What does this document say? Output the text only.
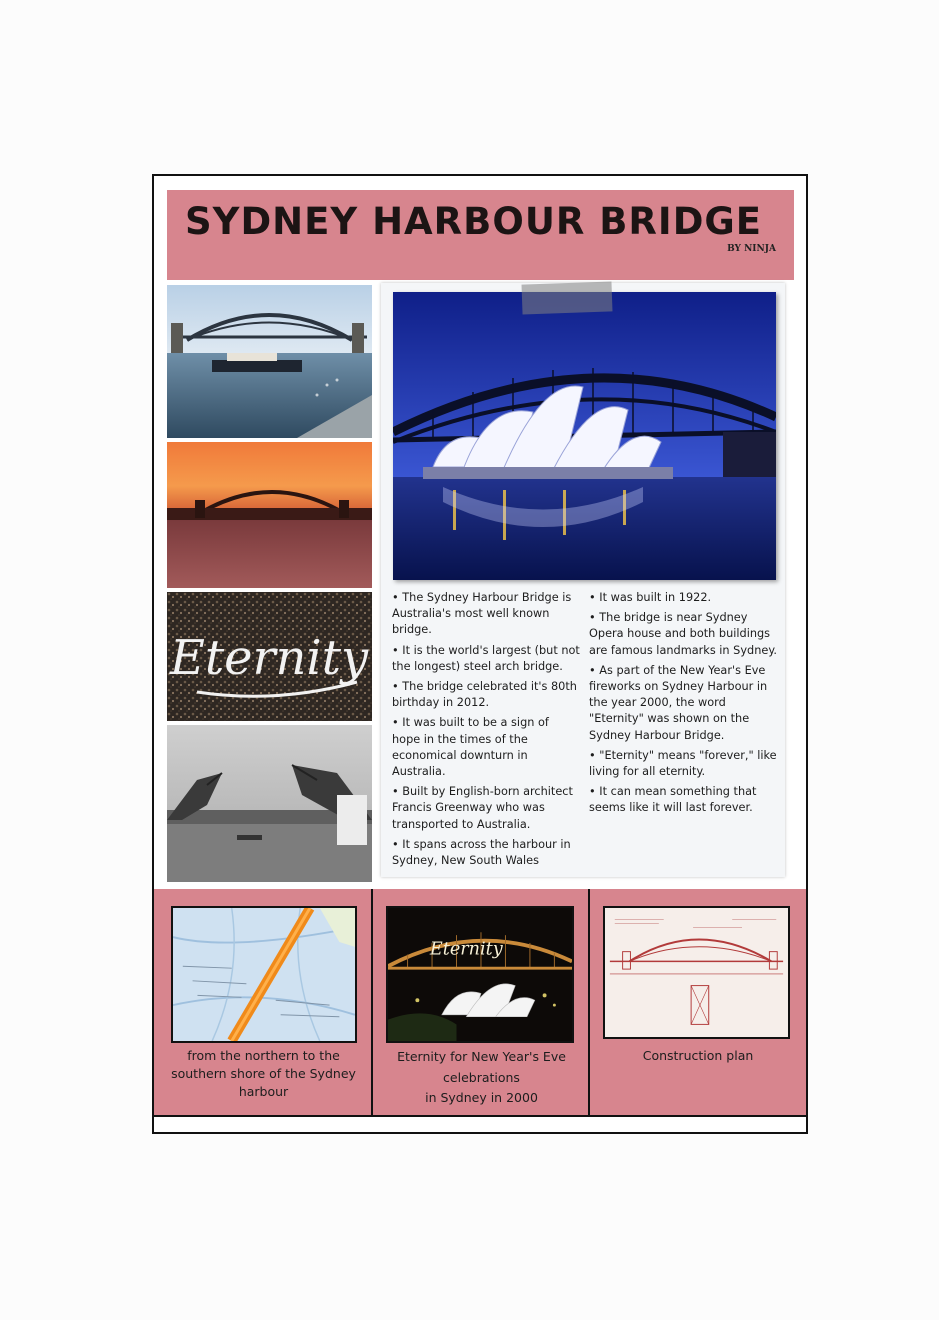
SYDNEY HARBOUR BRIDGE

BY NINJA

Eternity
• The Sydney Harbour Bridge is Australia's most well known bridge.
• It is the world's largest (but not the longest) steel arch bridge.
• The bridge celebrated it's 80th birthday in 2012.
• It was built to be a sign of hope in the times of the economical downturn in Australia.
• Built by English-born architect Francis Greenway who was transported to Australia.
• It spans across the harbour in Sydney, New South Wales
• It was built in 1922.
• The bridge is near Sydney Opera house and both buildings are famous landmarks in Sydney.
• As part of the New Year's Eve fireworks on Sydney Harbour in the year 2000, the word "Eternity" was shown on the Sydney Harbour Bridge.
• "Eternity" means "forever," like living for all eternity.
• It can mean something that seems like it will last forever.

from the northern to the
southern shore of the Sydney
harbour

Eternity

Eternity for New Year's Eve
celebrations
in Sydney in 2000

Construction plan
